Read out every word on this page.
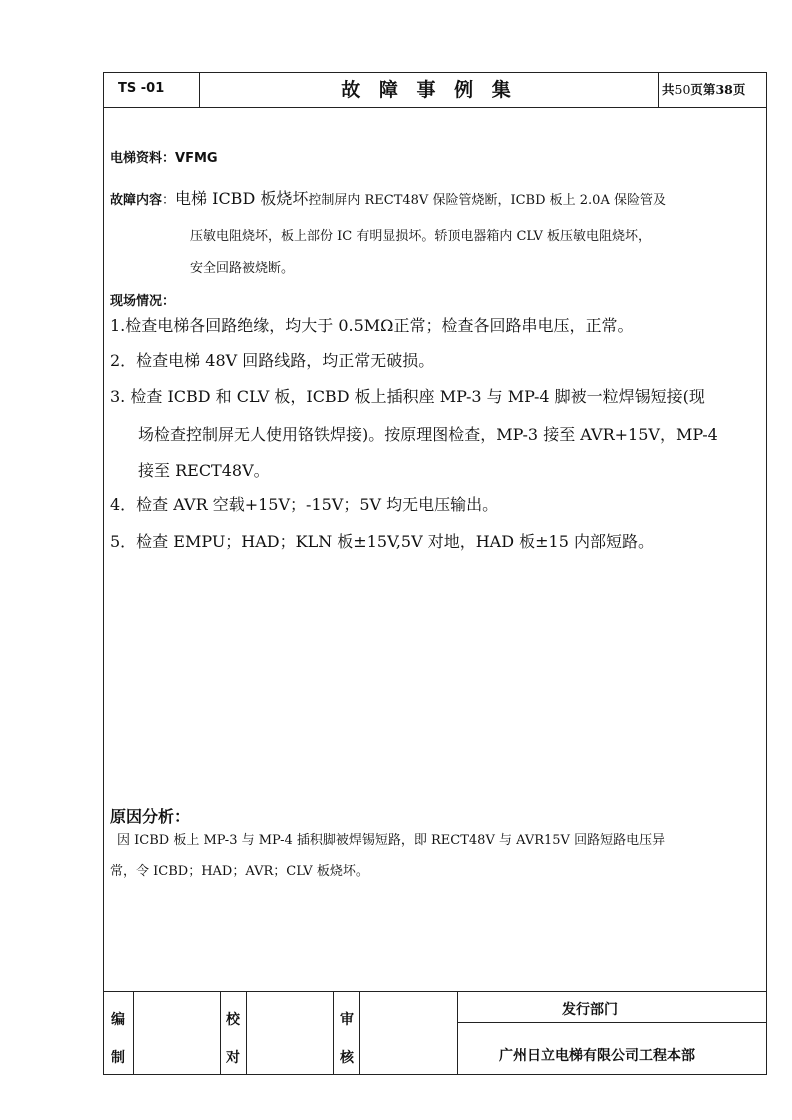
TS -01	故 障 事 例 集	共50页第38页
电梯资料：VFMG
故障内容：电梯 ICBD 板烧坏控制屏内 RECT48V 保险管烧断，ICBD 板上 2.0A 保险管及
压敏电阻烧坏，板上部份 IC 有明显损坏。轿顶电器箱内 CLV 板压敏电阻烧坏，
安全回路被烧断。
现场情况：
1.检查电梯各回路绝缘，均大于 0.5MΩ正常；检查各回路串电压，正常。
2．检查电梯 48V 回路线路，均正常无破损。
3. 检查 ICBD 和 CLV 板，ICBD 板上插积座 MP-3 与 MP-4 脚被一粒焊锡短接(现
场检查控制屏无人使用铬铁焊接)。按原理图检查，MP-3 接至 AVR+15V，MP-4
接至 RECT48V。
4．检查 AVR 空载+15V；-15V；5V 均无电压输出。
5．检查 EMPU；HAD；KLN 板±15V,5V 对地，HAD 板±15 内部短路。
原因分析：
因 ICBD 板上 MP-3 与 MP-4 插积脚被焊锡短路，即 RECT48V 与 AVR15V 回路短路电压异
常，令 ICBD；HAD；AVR；CLV 板烧坏。
编
制
校
对
审
核
发行部门
广州日立电梯有限公司工程本部
